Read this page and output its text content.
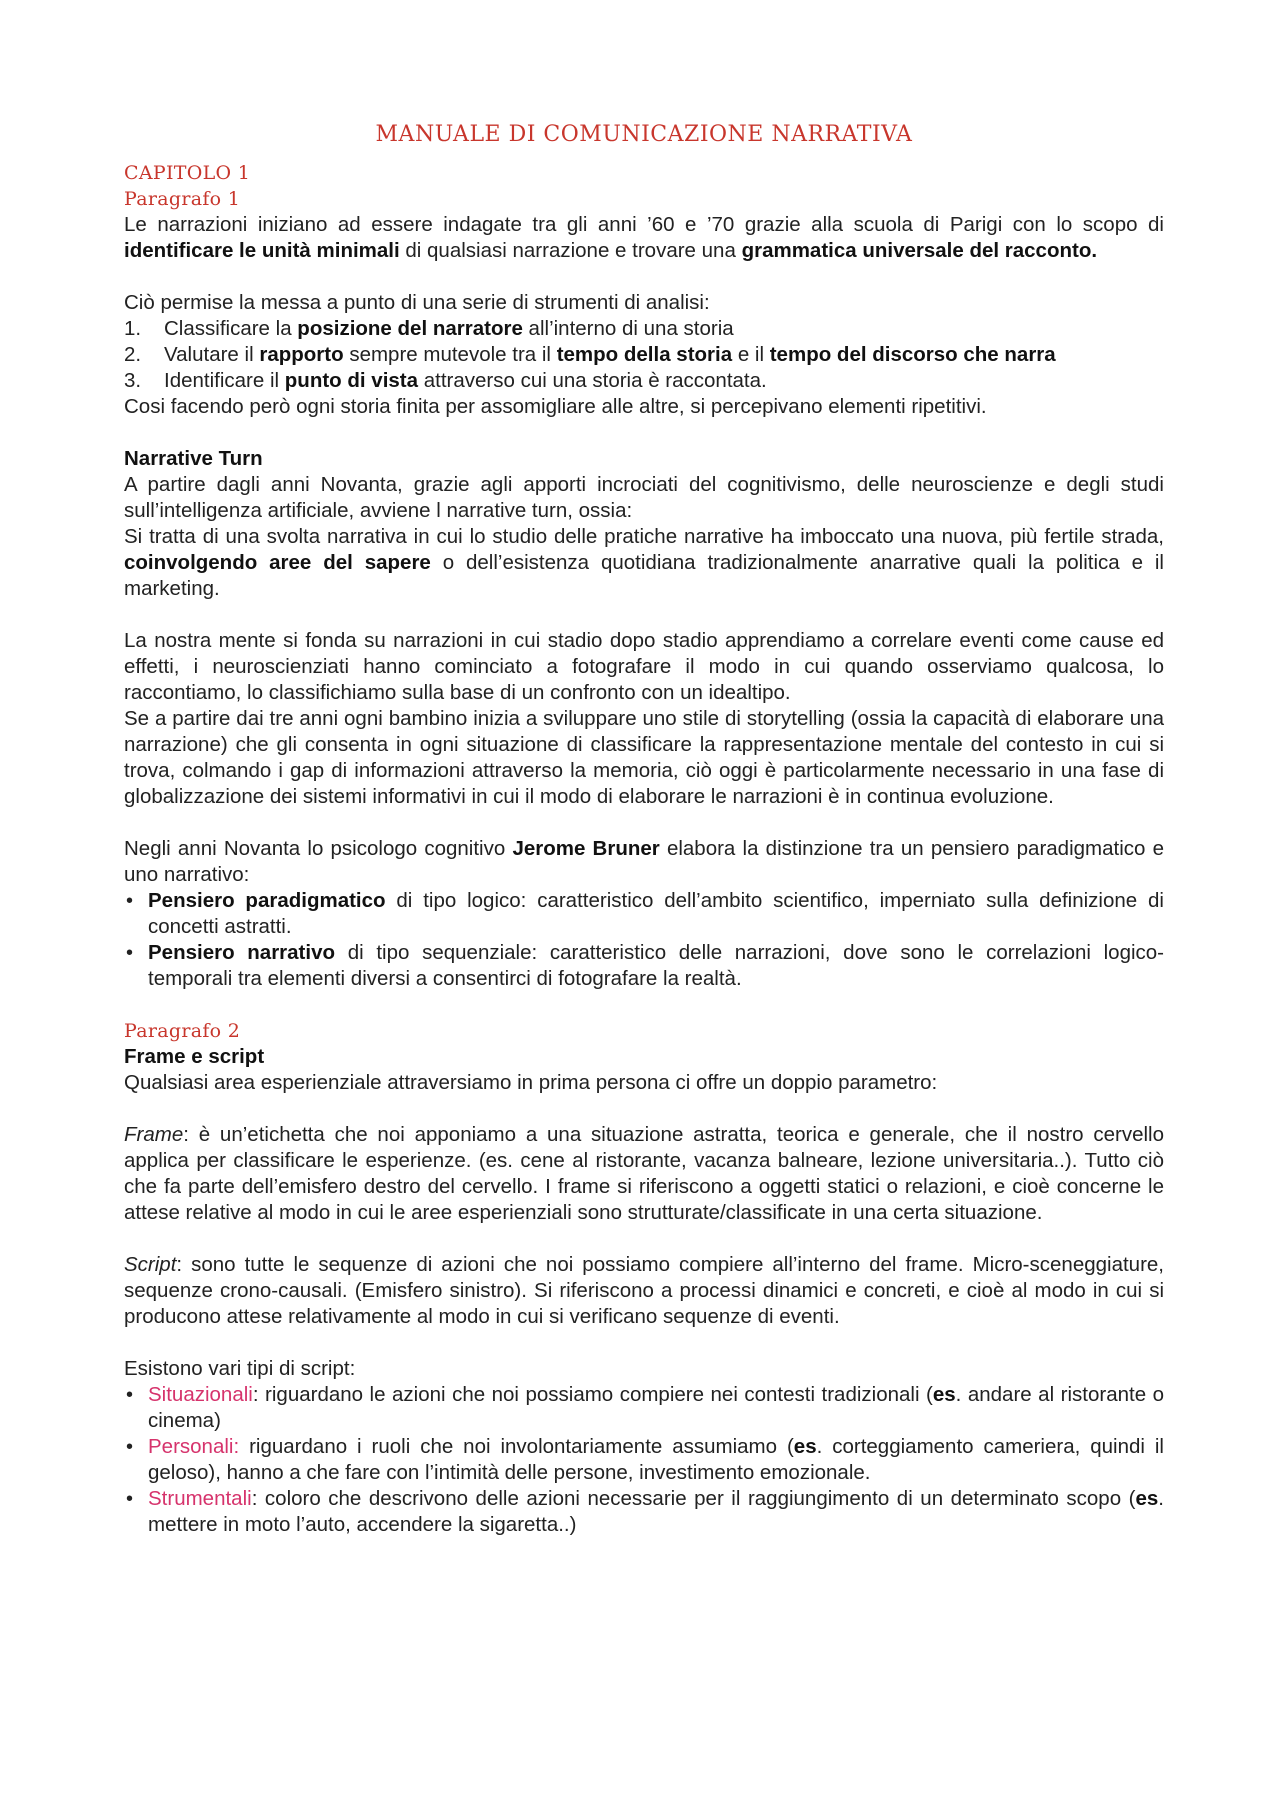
MANUALE DI COMUNICAZIONE NARRATIVA
CAPITOLO 1
Paragrafo 1

Le narrazioni iniziano ad essere indagate tra gli anni ’60 e ’70 grazie alla scuola di Parigi con lo scopo di identificare le unità minimali di qualsiasi narrazione e trovare una grammatica universale del racconto.

Ciò permise la messa a punto di una serie di strumenti di analisi:

1. Classificare la posizione del narratore all’interno di una storia
2. Valutare il rapporto sempre mutevole tra il tempo della storia e il tempo del discorso che narra
3. Identificare il punto di vista attraverso cui una storia è raccontata.

Cosi facendo però ogni storia finita per assomigliare alle altre, si percepivano elementi ripetitivi.

Narrative Turn

A partire dagli anni Novanta, grazie agli apporti incrociati del cognitivismo, delle neuroscienze e degli studi sull’intelligenza artificiale, avviene l narrative turn, ossia:

Si tratta di una svolta narrativa in cui lo studio delle pratiche narrative ha imboccato una nuova, più fertile strada, coinvolgendo aree del sapere o dell’esistenza quotidiana tradizionalmente anarrative quali la politica e il marketing.

La nostra mente si fonda su narrazioni in cui stadio dopo stadio apprendiamo a correlare eventi come cause ed effetti, i neuroscienziati hanno cominciato a fotografare il modo in cui quando osserviamo qualcosa, lo raccontiamo, lo classifichiamo sulla base di un confronto con un idealtipo.

Se a partire dai tre anni ogni bambino inizia a sviluppare uno stile di storytelling (ossia la capacità di elaborare una narrazione) che gli consenta in ogni situazione di classificare la rappresentazione mentale del contesto in cui si trova, colmando i gap di informazioni attraverso la memoria, ciò oggi è particolarmente necessario in una fase di globalizzazione dei sistemi informativi in cui il modo di elaborare le narrazioni è in continua evoluzione.

Negli anni Novanta lo psicologo cognitivo Jerome Bruner elabora la distinzione tra un pensiero paradigmatico e uno narrativo:

• Pensiero paradigmatico di tipo logico: caratteristico dell’ambito scientifico, imperniato sulla definizione di concetti astratti.
• Pensiero narrativo di tipo sequenziale: caratteristico delle narrazioni, dove sono le correlazioni logico-temporali tra elementi diversi a consentirci di fotografare la realtà.
Paragrafo 2

Frame e script

Qualsiasi area esperienziale attraversiamo in prima persona ci offre un doppio parametro:

Frame: è un’etichetta che noi apponiamo a una situazione astratta, teorica e generale, che il nostro cervello applica per classificare le esperienze. (es. cene al ristorante, vacanza balneare, lezione universitaria..). Tutto ciò che fa parte dell’emisfero destro del cervello. I frame si riferiscono a oggetti statici o relazioni, e cioè concerne le attese relative al modo in cui le aree esperienziali sono strutturate/classificate in una certa situazione.

Script: sono tutte le sequenze di azioni che noi possiamo compiere all’interno del frame. Micro-sceneggiature, sequenze crono-causali. (Emisfero sinistro). Si riferiscono a processi dinamici e concreti, e cioè al modo in cui si producono attese relativamente al modo in cui si verificano sequenze di eventi.

Esistono vari tipi di script:

• Situazionali: riguardano le azioni che noi possiamo compiere nei contesti tradizionali (es. andare al ristorante o cinema)
• Personali: riguardano i ruoli che noi involontariamente assumiamo (es. corteggiamento cameriera, quindi il geloso), hanno a che fare con l’intimità delle persone, investimento emozionale.
• Strumentali: coloro che descrivono delle azioni necessarie per il raggiungimento di un determinato scopo (es. mettere in moto l’auto, accendere la sigaretta..)
